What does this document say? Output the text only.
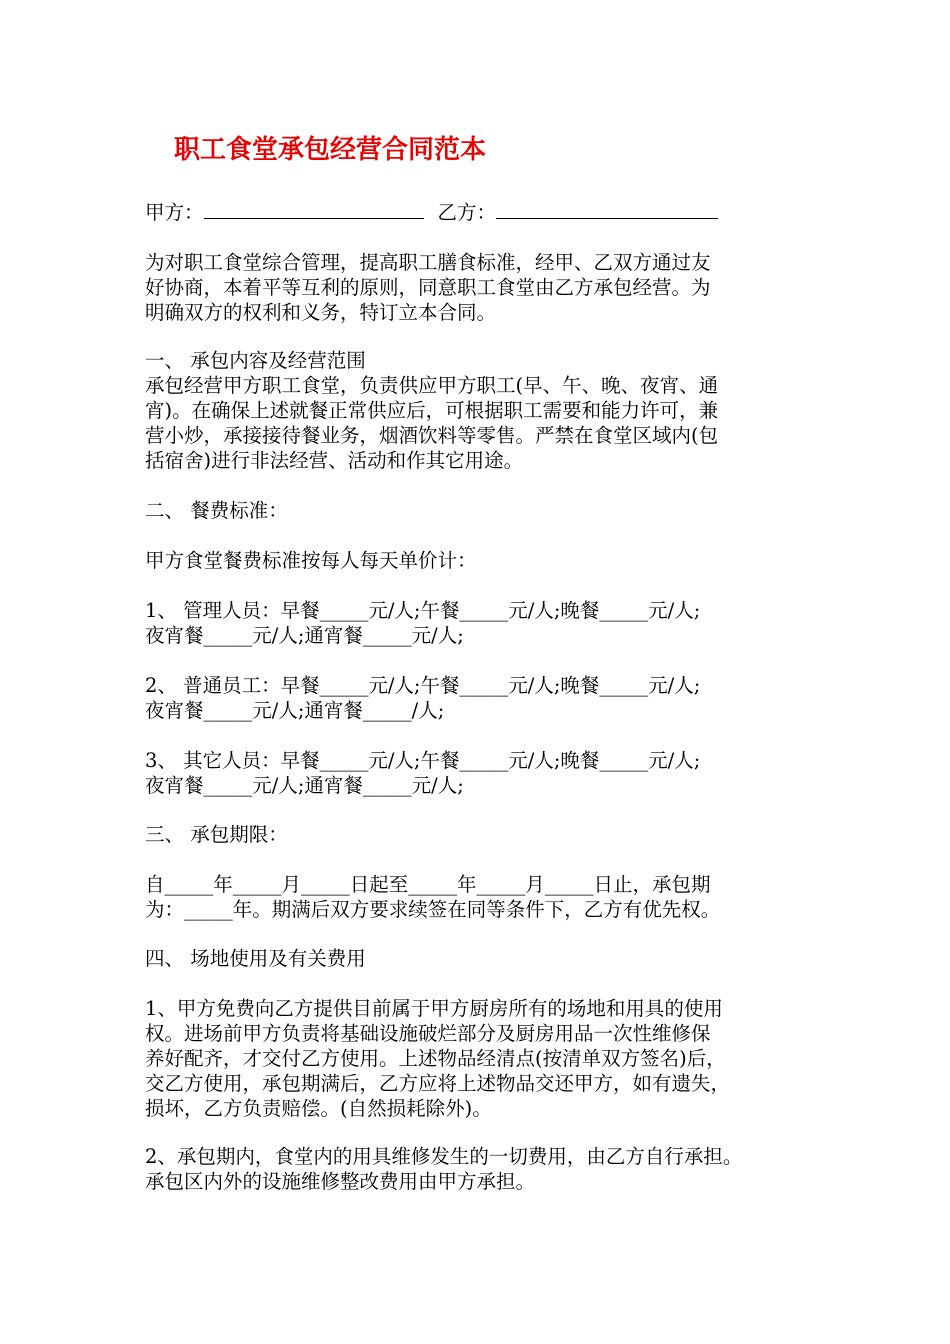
职工食堂承包经营合同范本
甲方：	乙方：
为对职工食堂综合管理，提高职工膳食标准，经甲、乙双方通过友
好协商，本着平等互利的原则，同意职工食堂由乙方承包经营。为
明确双方的权利和义务，特订立本合同。
一、 承包内容及经营范围
承包经营甲方职工食堂，负责供应甲方职工(早、午、晚、夜宵、通
宵)。在确保上述就餐正常供应后，可根据职工需要和能力许可，兼
营小炒，承接接待餐业务，烟酒饮料等零售。严禁在食堂区域内(包
括宿舍)进行非法经营、活动和作其它用途。
二、 餐费标准：
甲方食堂餐费标准按每人每天单价计：
1、 管理人员：早餐_____元/人;午餐_____元/人;晚餐_____元/人;
夜宵餐_____元/人;通宵餐_____元/人;
2、 普通员工：早餐_____元/人;午餐_____元/人;晚餐_____元/人;
夜宵餐_____元/人;通宵餐_____/人;
3、 其它人员：早餐_____元/人;午餐_____元/人;晚餐_____元/人;
夜宵餐_____元/人;通宵餐_____元/人;
三、 承包期限：
自_____年_____月_____日起至_____年_____月_____日止，承包期
为：_____年。期满后双方要求续签在同等条件下，乙方有优先权。
四、 场地使用及有关费用
1、甲方免费向乙方提供目前属于甲方厨房所有的场地和用具的使用
权。进场前甲方负责将基础设施破烂部分及厨房用品一次性维修保
养好配齐，才交付乙方使用。上述物品经清点(按清单双方签名)后，
交乙方使用，承包期满后，乙方应将上述物品交还甲方，如有遗失，
损坏，乙方负责赔偿。(自然损耗除外)。
2、承包期内，食堂内的用具维修发生的一切费用，由乙方自行承担。
承包区内外的设施维修整改费用由甲方承担。
